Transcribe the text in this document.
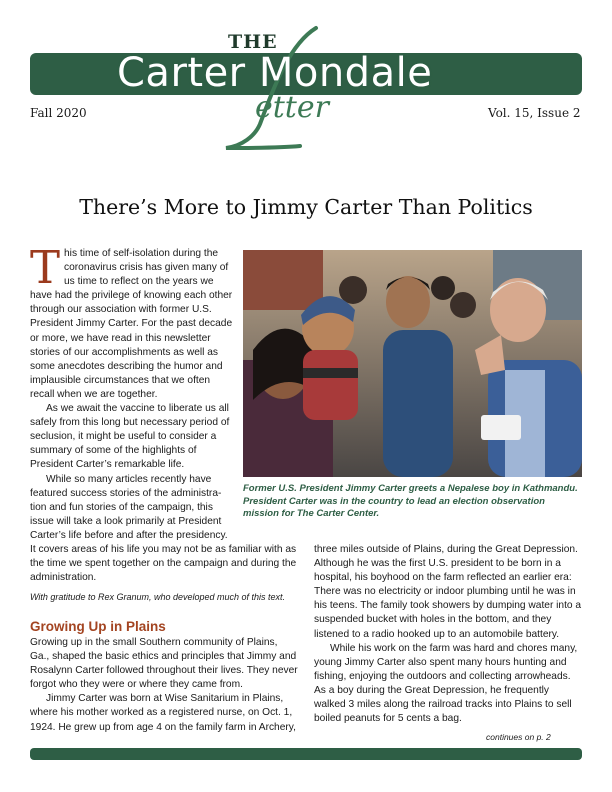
THE
Carter Mondale
etter
Fall 2020	Vol. 15, Issue 2
There’s More to Jimmy Carter Than Politics

This time of self-isolation during the coronavirus crisis has given many of us time to reflect on the years we have had the privilege of knowing each other through our association with former U.S. President Jimmy Carter. For the past decade or more, we have read in this newsletter stories of our accomplishments as well as some anecdotes describing the humor and implausible circumstances that we often recall when we are together.

As we await the vaccine to liberate us all safely from this long but necessary period of seclusion, it might be useful to consider a summary of some of the highlights of President Carter’s remarkable life.

While so many articles recently have featured success stories of the administra-tion and fun stories of the campaign, this issue will take a look primarily at President Carter’s life before and after the presidency.

It covers areas of his life you may not be as familiar with as the time we spent together on the campaign and during the administration.
With gratitude to Rex Granum, who developed much of this text.
Growing Up in Plains

Growing up in the small Southern community of Plains, Ga., shaped the basic ethics and principles that Jimmy and Rosalynn Carter followed throughout their lives. They never forgot who they were or where they came from.

Jimmy Carter was born at Wise Sanitarium in Plains, where his mother worked as a registered nurse, on Oct. 1, 1924. He grew up from age 4 on the family farm in Archery,

three miles outside of Plains, during the Great Depression. Although he was the first U.S. president to be born in a hospital, his boyhood on the farm reflected an earlier era: There was no electricity or indoor plumbing until he was in his teens. The family took showers by dumping water into a suspended bucket with holes in the bottom, and they listened to a radio hooked up to an automobile battery.

While his work on the farm was hard and chores many, young Jimmy Carter also spent many hours hunting and fishing, enjoying the outdoors and collecting arrowheads. As a boy during the Great Depression, he frequently walked 3 miles along the railroad tracks into Plains to sell boiled peanuts for 5 cents a bag.

continues on p. 2
Former U.S. President Jimmy Carter greets a Nepalese boy in Kathmandu. President Carter was in the country to lead an election observation mission for The Carter Center.
